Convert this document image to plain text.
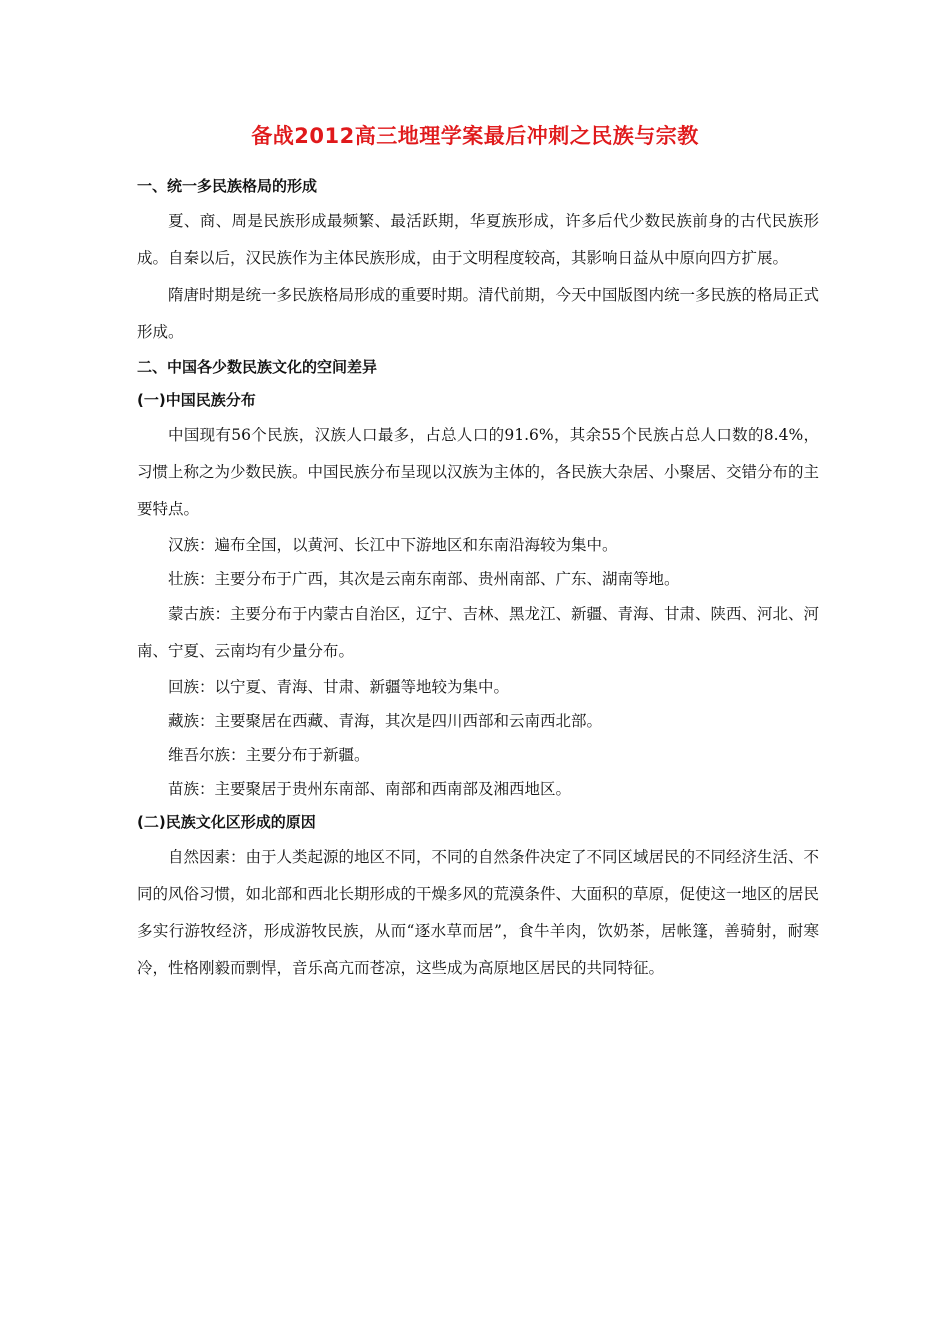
备战2012高三地理学案最后冲刺之民族与宗教

一、统一多民族格局的形成

夏、商、周是民族形成最频繁、最活跃期，华夏族形成，许多后代少数民族前身的古代民族形成。自秦以后，汉民族作为主体民族形成，由于文明程度较高，其影响日益从中原向四方扩展。

隋唐时期是统一多民族格局形成的重要时期。清代前期，今天中国版图内统一多民族的格局正式形成。

二、中国各少数民族文化的空间差异

(一)中国民族分布

中国现有56个民族，汉族人口最多，占总人口的91.6%，其余55个民族占总人口数的8.4%，习惯上称之为少数民族。中国民族分布呈现以汉族为主体的，各民族大杂居、小聚居、交错分布的主要特点。

汉族：遍布全国，以黄河、长江中下游地区和东南沿海较为集中。

壮族：主要分布于广西，其次是云南东南部、贵州南部、广东、湖南等地。

蒙古族：主要分布于内蒙古自治区，辽宁、吉林、黑龙江、新疆、青海、甘肃、陕西、河北、河南、宁夏、云南均有少量分布。

回族：以宁夏、青海、甘肃、新疆等地较为集中。

藏族：主要聚居在西藏、青海，其次是四川西部和云南西北部。

维吾尔族：主要分布于新疆。

苗族：主要聚居于贵州东南部、南部和西南部及湘西地区。

(二)民族文化区形成的原因

自然因素：由于人类起源的地区不同，不同的自然条件决定了不同区域居民的不同经济生活、不同的风俗习惯，如北部和西北长期形成的干燥多风的荒漠条件、大面积的草原，促使这一地区的居民多实行游牧经济，形成游牧民族，从而“逐水草而居”，食牛羊肉，饮奶茶，居帐篷，善骑射，耐寒冷，性格刚毅而剽悍，音乐高亢而苍凉，这些成为高原地区居民的共同特征。
